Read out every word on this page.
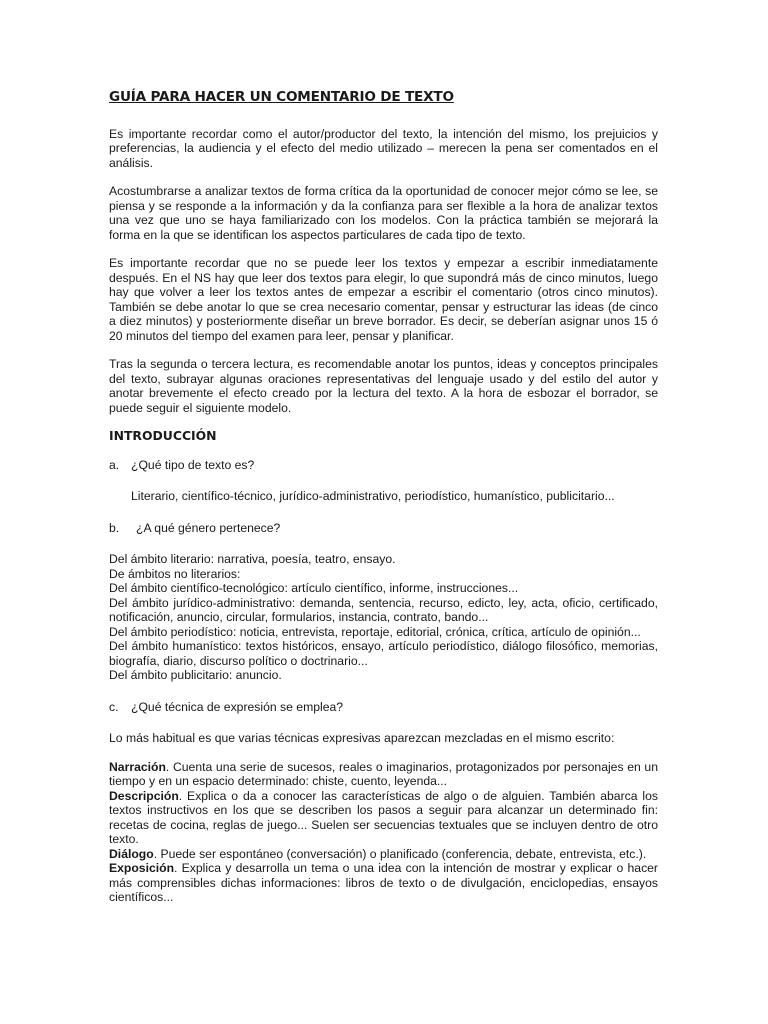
GUÍA PARA HACER UN COMENTARIO DE TEXTO

Es importante recordar como el autor/productor del texto, la intención del mismo, los prejuicios y preferencias, la audiencia y el efecto del medio utilizado – merecen la pena ser comentados en el análisis.

Acostumbrarse a analizar textos de forma crítica da la oportunidad de conocer mejor cómo se lee, se piensa y se responde a la información y da la confianza para ser flexible a la hora de analizar textos una vez que uno se haya familiarizado con los modelos. Con la práctica también se mejorará la forma en la que se identifican los aspectos particulares de cada tipo de texto.

Es importante recordar que no se puede leer los textos y empezar a escribir inmediatamente después. En el NS hay que leer dos textos para elegir, lo que supondrá más de cinco minutos, luego hay que volver a leer los textos antes de empezar a escribir el comentario (otros cinco minutos). También se debe anotar lo que se crea necesario comentar, pensar y estructurar las ideas (de cinco a diez minutos) y posteriormente diseñar un breve borrador. Es decir, se deberían asignar unos 15 ó 20 minutos del tiempo del examen para leer, pensar y planificar.

Tras la segunda o tercera lectura, es recomendable anotar los puntos, ideas y conceptos principales del texto, subrayar algunas oraciones representativas del lenguaje usado y del estilo del autor y anotar brevemente el efecto creado por la lectura del texto. A la hora de esbozar el borrador, se puede seguir el siguiente modelo.

INTRODUCCIÓN
a. ¿Qué tipo de texto es?
Literario, científico-técnico, jurídico-administrativo, periodístico, humanístico, publicitario...
b. ¿A qué género pertenece?
Del ámbito literario: narrativa, poesía, teatro, ensayo.
De ámbitos no literarios:
Del ámbito científico-tecnológico: artículo científico, informe, instrucciones...
Del ámbito jurídico-administrativo: demanda, sentencia, recurso, edicto, ley, acta, oficio, certificado, notificación, anuncio, circular, formularios, instancia, contrato, bando...
Del ámbito periodístico: noticia, entrevista, reportaje, editorial, crónica, crítica, artículo de opinión...
Del ámbito humanístico: textos históricos, ensayo, artículo periodístico, diálogo filosófico, memorias, biografía, diario, discurso político o doctrinario...
Del ámbito publicitario: anuncio.
c. ¿Qué técnica de expresión se emplea?

Lo más habitual es que varias técnicas expresivas aparezcan mezcladas en el mismo escrito:

Narración. Cuenta una serie de sucesos, reales o imaginarios, protagonizados por personajes en un tiempo y en un espacio determinado: chiste, cuento, leyenda...
Descripción. Explica o da a conocer las características de algo o de alguien. También abarca los textos instructivos en los que se describen los pasos a seguir para alcanzar un determinado fin: recetas de cocina, reglas de juego... Suelen ser secuencias textuales que se incluyen dentro de otro texto.
Diálogo. Puede ser espontáneo (conversación) o planificado (conferencia, debate, entrevista, etc.).
Exposición. Explica y desarrolla un tema o una idea con la intención de mostrar y explicar o hacer más comprensibles dichas informaciones: libros de texto o de divulgación, enciclopedias, ensayos científicos...
